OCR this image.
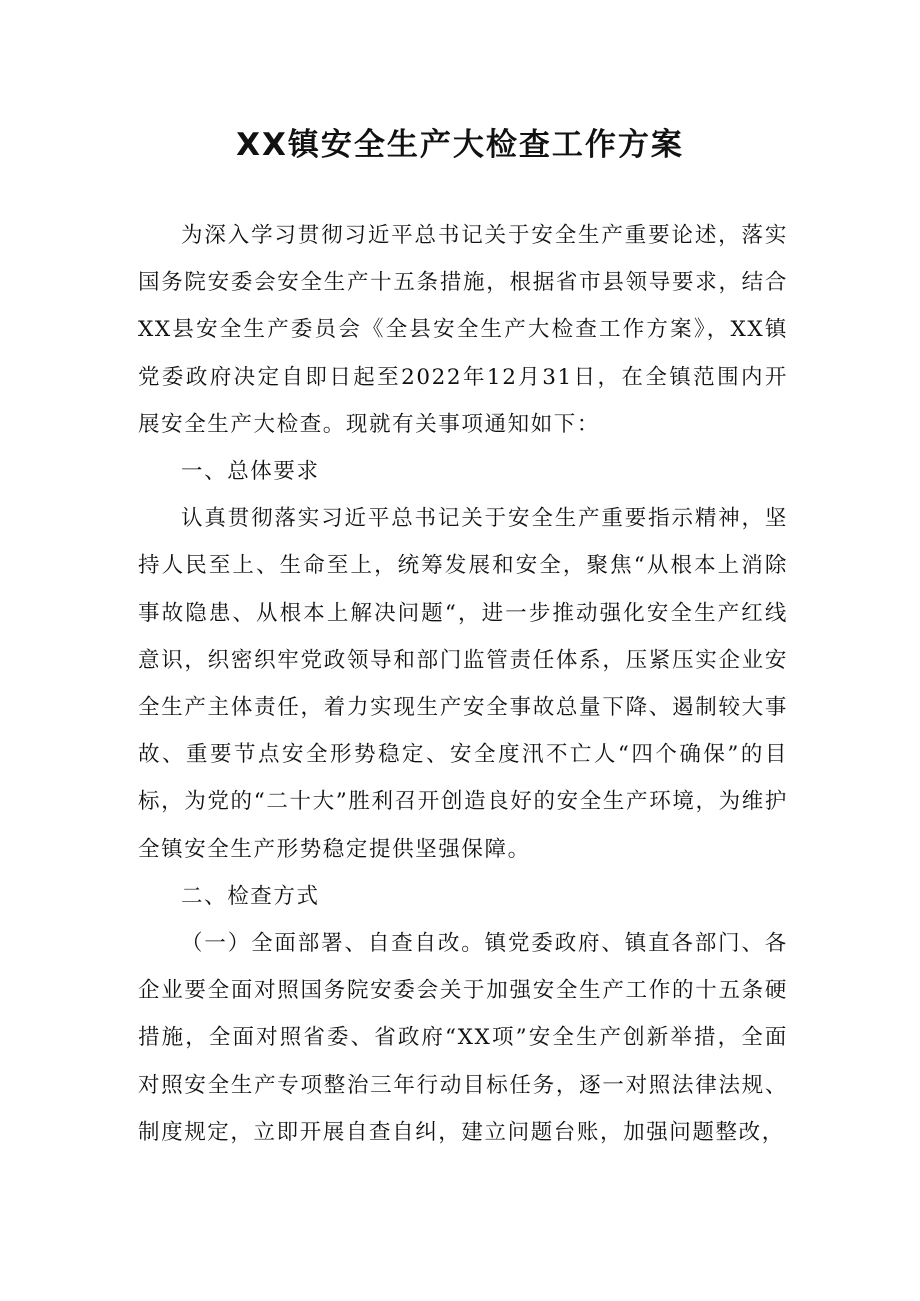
XX镇安全生产大检查工作方案

为深入学习贯彻习近平总书记关于安全生产重要论述，落实国务院安委会安全生产十五条措施，根据省市县领导要求，结合XX县安全生产委员会《全县安全生产大检查工作方案》，XX镇党委政府决定自即日起至2022年12月31日，在全镇范围内开展安全生产大检查。现就有关事项通知如下：

一、总体要求

认真贯彻落实习近平总书记关于安全生产重要指示精神，坚持人民至上、生命至上，统筹发展和安全，聚焦“从根本上消除事故隐患、从根本上解决问题“，进一步推动强化安全生产红线意识，织密织牢党政领导和部门监管责任体系，压紧压实企业安全生产主体责任，着力实现生产安全事故总量下降、遏制较大事故、重要节点安全形势稳定、安全度汛不亡人“四个确保”的目标，为党的“二十大”胜利召开创造良好的安全生产环境，为维护全镇安全生产形势稳定提供坚强保障。

二、检查方式

（一）全面部署、自查自改。镇党委政府、镇直各部门、各企业要全面对照国务院安委会关于加强安全生产工作的十五条硬措施，全面对照省委、省政府“XX项”安全生产创新举措，全面对照安全生产专项整治三年行动目标任务，逐一对照法律法规、制度规定，立即开展自查自纠，建立问题台账，加强问题整改，
